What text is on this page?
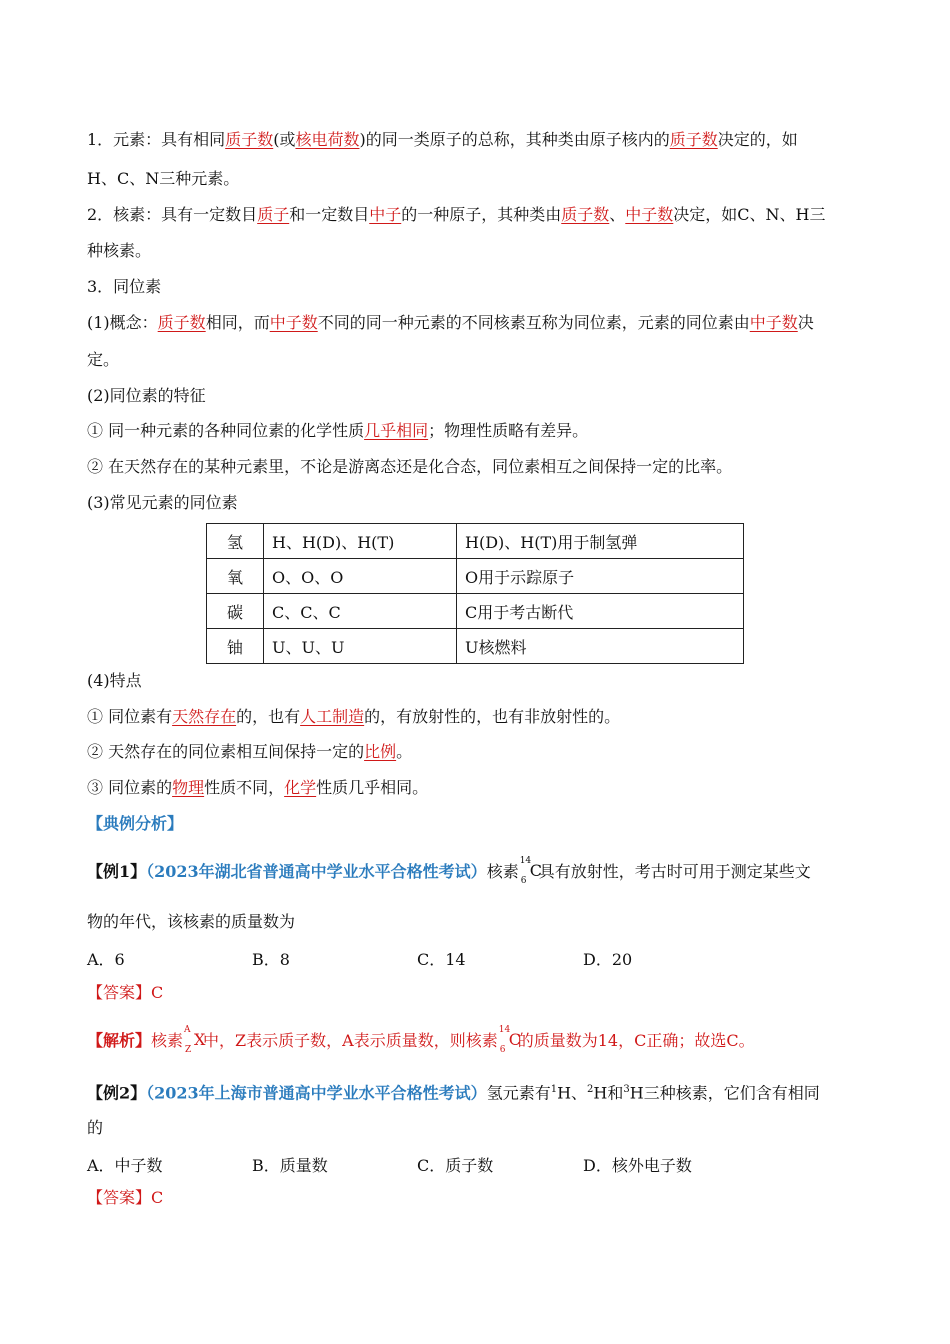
1．元素：具有相同质子数(或核电荷数)的同一类原子的总称，其种类由原子核内的质子数决定的，如
H、C、N三种元素。
2．核素：具有一定数目质子和一定数目中子的一种原子，其种类由质子数、中子数决定，如C、N、H三
种核素。
3．同位素
(1)概念：质子数相同，而中子数不同的同一种元素的不同核素互称为同位素，元素的同位素由中子数决
定。
(2)同位素的特征
① 同一种元素的各种同位素的化学性质几乎相同；物理性质略有差异。
② 在天然存在的某种元素里，不论是游离态还是化合态，同位素相互之间保持一定的比率。
(3)常见元素的同位素
氢	H、H(D)、H(T)	H(D)、H(T)用于制氢弹
氧	O、O、O	O用于示踪原子
碳	C、C、C	C用于考古断代
铀	U、U、U	U核燃料
(4)特点
① 同位素有天然存在的，也有人工制造的，有放射性的，也有非放射性的。
② 天然存在的同位素相互间保持一定的比例。
③ 同位素的物理性质不同，化学性质几乎相同。
【典例分析】
【例1】（2023年湖北省普通高中学业水平合格性考试）核素
14
6
C
具有放射性，考古时可用于测定某些文
物的年代，该核素的质量数为
A．6	B．8	C．14	D．20
【答案】C
【解析】核素
A
Z
X
中，Z表示质子数，A表示质量数，则核素
14
6
C
的质量数为14，C正确；故选C。
【例2】（2023年上海市普通高中学业水平合格性考试）氢元素有$^1$H、$^2$H和$^3$H三种核素，它们含有相同
的
A．中子数	B．质量数	C．质子数	D．核外电子数
【答案】C
